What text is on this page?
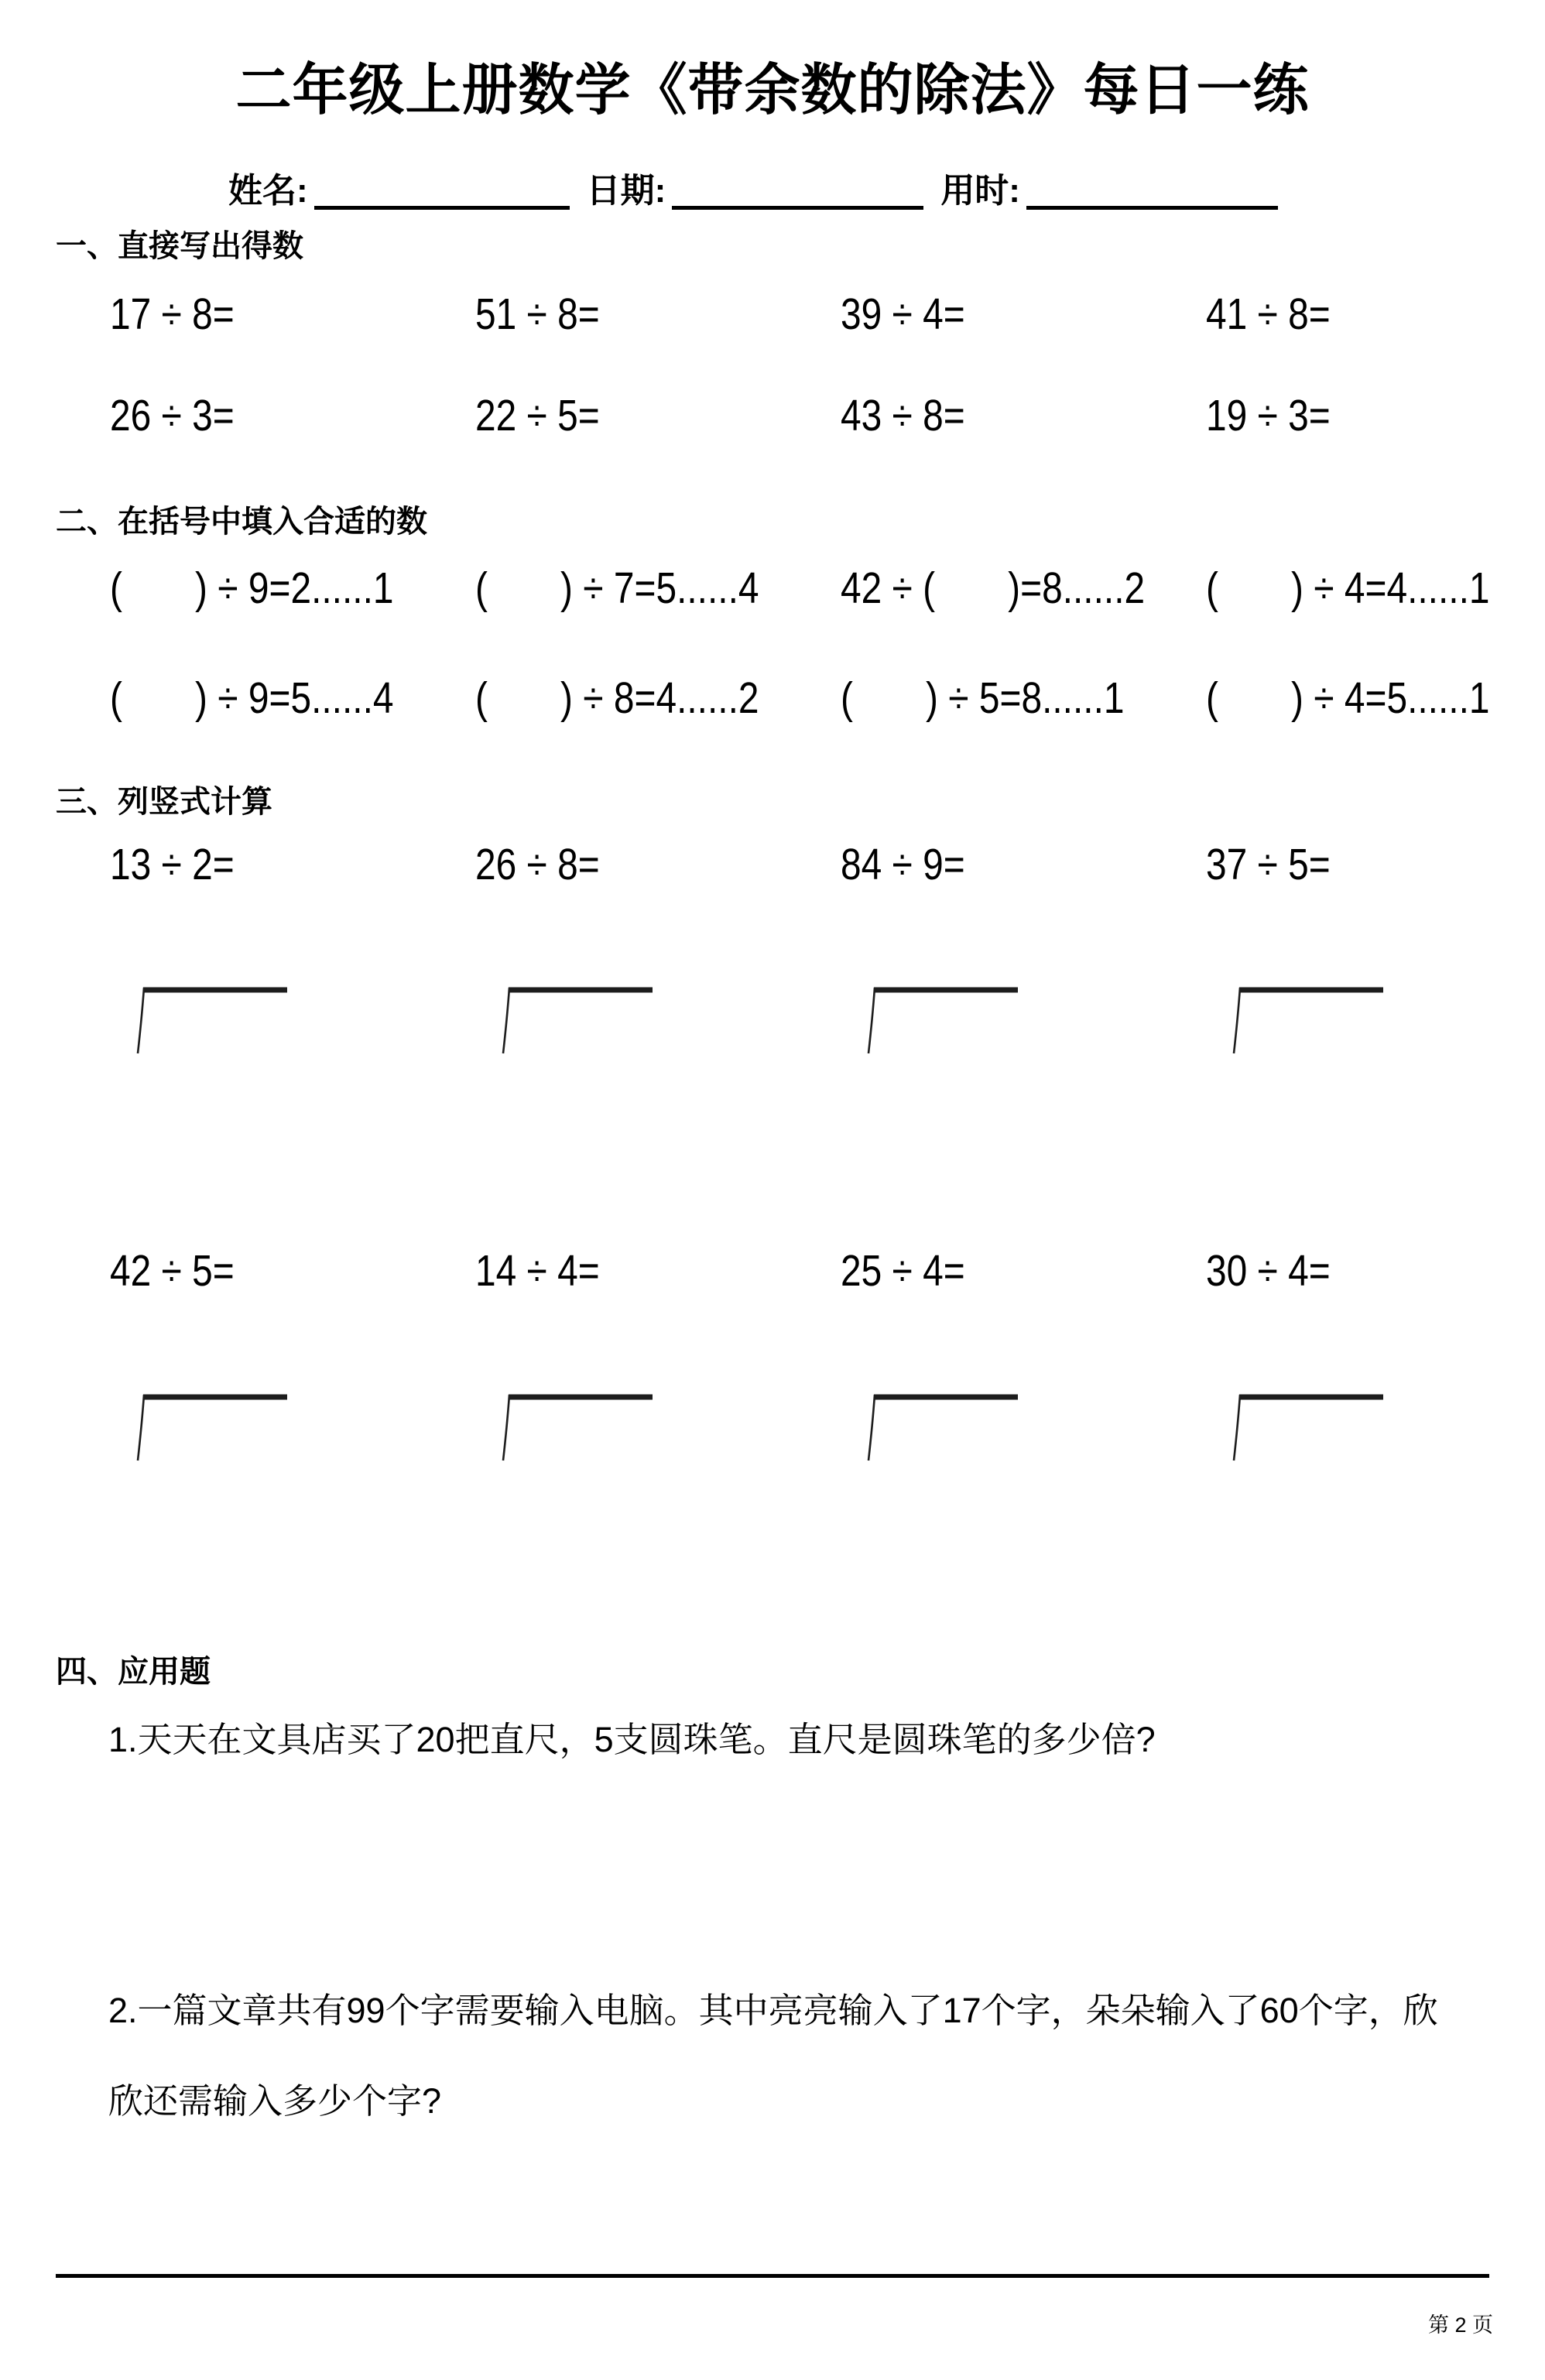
二年级上册数学《带余数的除法》每日一练
姓名:	日期:	用时:
一、直接写出得数
17 ÷ 8=	51 ÷ 8=	39 ÷ 4=	41 ÷ 8=
26 ÷ 3=	22 ÷ 5=	43 ÷ 8=	19 ÷ 3=
二、在括号中填入合适的数
( ) ÷ 9=2......1	( ) ÷ 7=5......4	42 ÷ ( )=8......2	( ) ÷ 4=4......1
( ) ÷ 9=5......4	( ) ÷ 8=4......2	( ) ÷ 5=8......1	( ) ÷ 4=5......1
三、列竖式计算
13 ÷ 2=	26 ÷ 8=	84 ÷ 9=	37 ÷ 5=
42 ÷ 5=	14 ÷ 4=	25 ÷ 4=	30 ÷ 4=
四、应用题
1.天天在文具店买了20把直尺，5支圆珠笔。直尺是圆珠笔的多少倍?
2.一篇文章共有99个字需要输入电脑。其中亮亮输入了17个字，朵朵输入了60个字，欣
欣还需输入多少个字?
第 2 页
